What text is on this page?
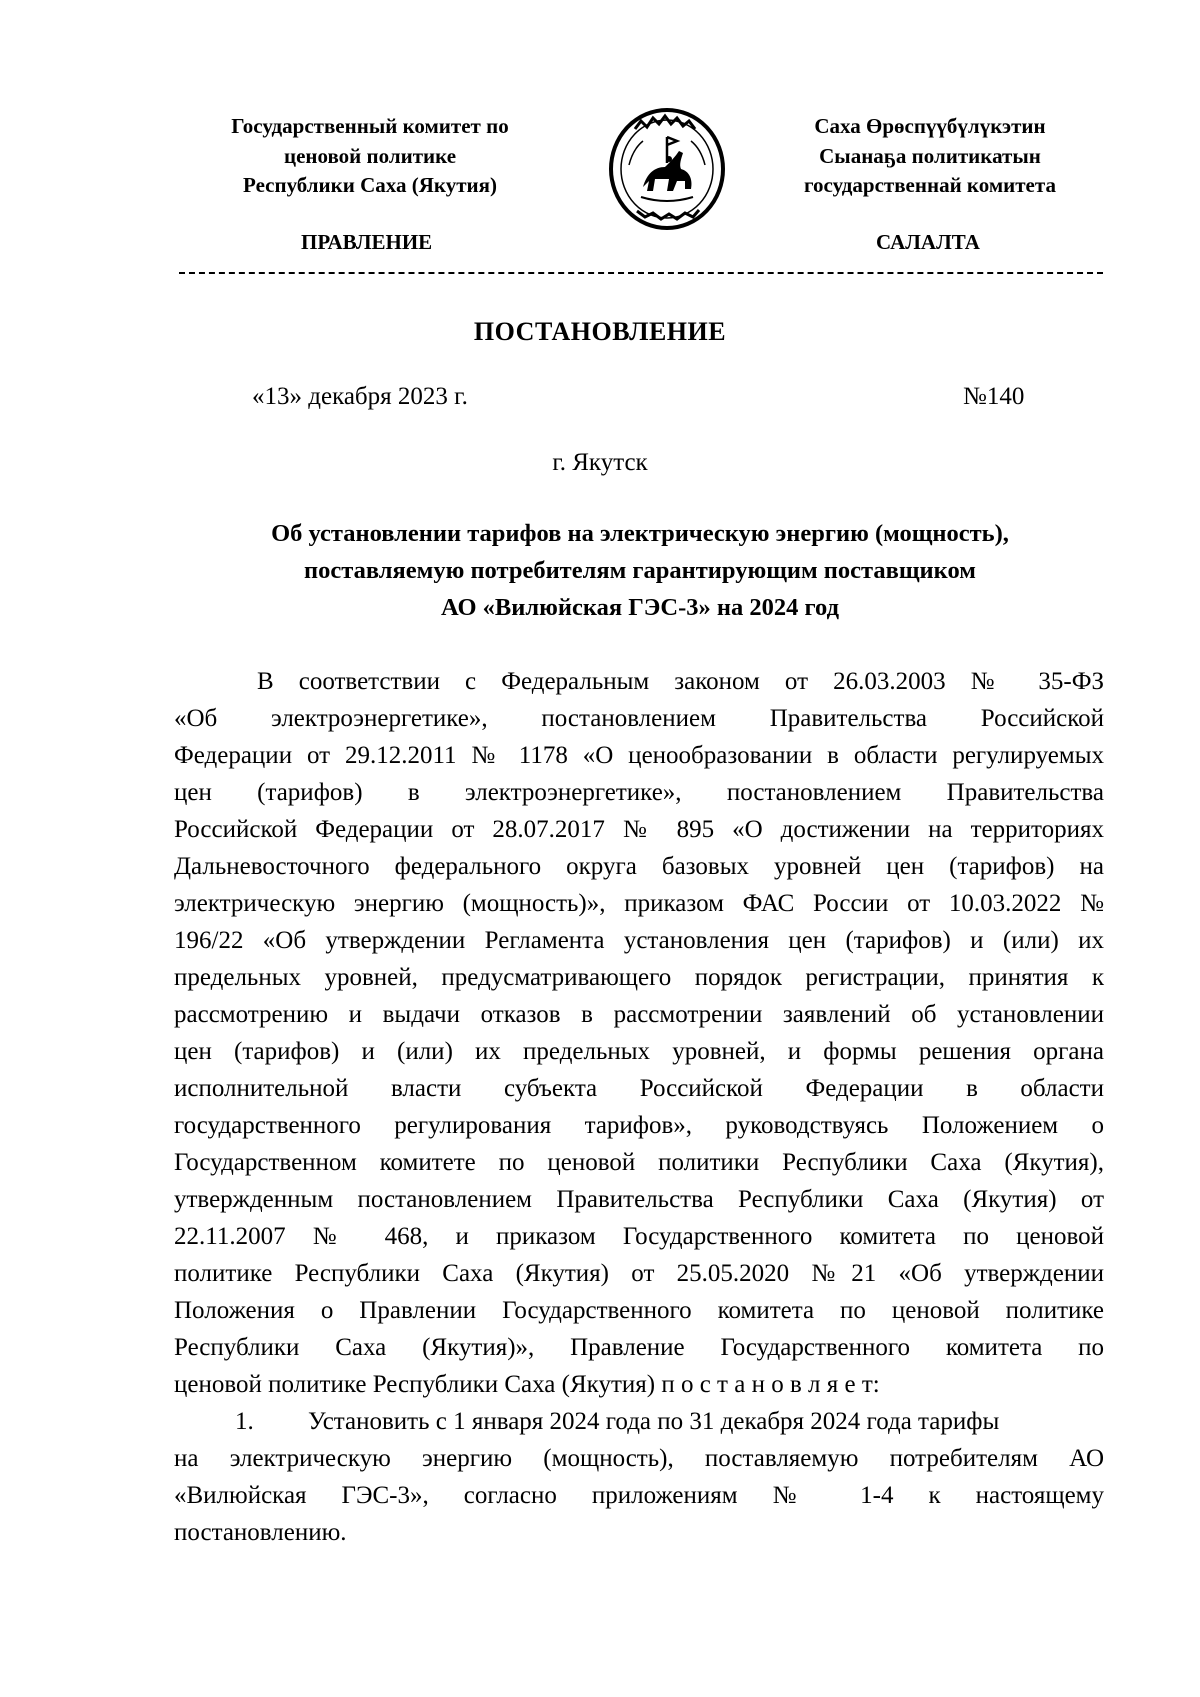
Государственный комитет по
ценовой политике
Республики Саха (Якутия)
Саха Өрөспүүбүлүкэтин
Сыанаҕа политикатын
государственнай комитета
ПРАВЛЕНИЕ	САЛАЛТА
ПОСТАНОВЛЕНИЕ
«13» декабря 2023 г.	№140
г. Якутск
Об установлении тарифов на электрическую энергию (мощность),
поставляемую потребителям гарантирующим поставщиком
АО «Вилюйская ГЭС-3» на 2024 год
В соответствии с Федеральным законом от 26.03.2003 № 35-ФЗ
«Об электроэнергетике», постановлением Правительства Российской
Федерации от 29.12.2011 № 1178 «О ценообразовании в области регулируемых
цен (тарифов) в электроэнергетике», постановлением Правительства
Российской Федерации от 28.07.2017 № 895 «О достижении на территориях
Дальневосточного федерального округа базовых уровней цен (тарифов) на
электрическую энергию (мощность)», приказом ФАС России от 10.03.2022 №
196/22 «Об утверждении Регламента установления цен (тарифов) и (или) их
предельных уровней, предусматривающего порядок регистрации, принятия к
рассмотрению и выдачи отказов в рассмотрении заявлений об установлении
цен (тарифов) и (или) их предельных уровней, и формы решения органа
исполнительной власти субъекта Российской Федерации в области
государственного регулирования тарифов», руководствуясь Положением о
Государственном комитете по ценовой политики Республики Саха (Якутия),
утвержденным постановлением Правительства Республики Саха (Якутия) от
22.11.2007 № 468, и приказом Государственного комитета по ценовой
политике Республики Саха (Якутия) от 25.05.2020 №21 «Об утверждении
Положения о Правлении Государственного комитета по ценовой политике
Республики Саха (Якутия)», Правление Государственного комитета по
ценовой политике Республики Саха (Якутия) п о с т а н о в л я е т:
1. Установить с 1 января 2024 года по 31 декабря 2024 года тарифы
на электрическую энергию (мощность), поставляемую потребителям АО
«Вилюйская ГЭС-3», согласно приложениям № 1-4 к настоящему
постановлению.
